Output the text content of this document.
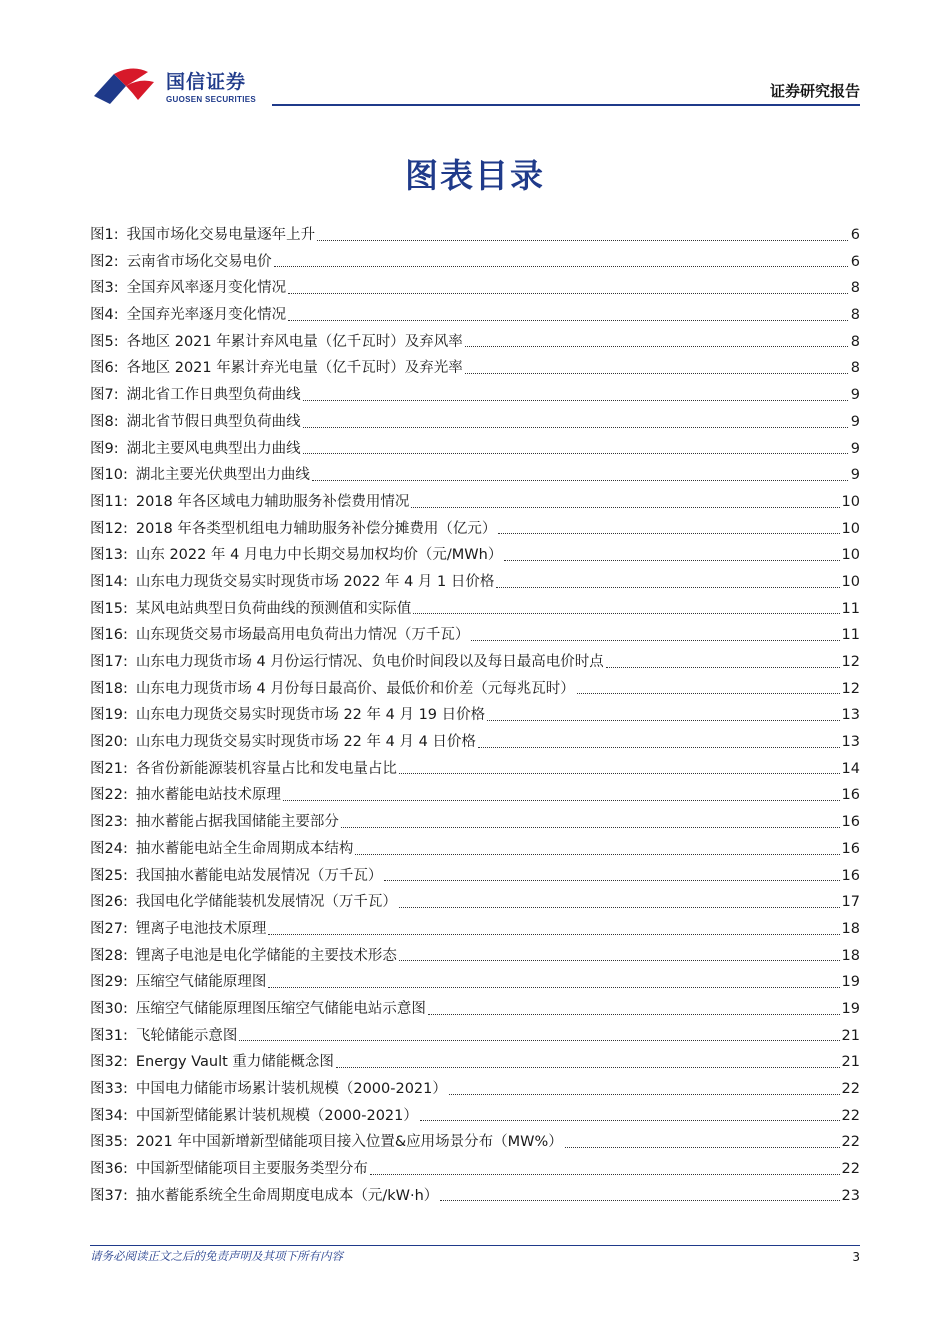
国信证券
GUOSEN SECURITIES	证券研究报告
图表目录
图1: 我国市场化交易电量逐年上升	6
图2: 云南省市场化交易电价	6
图3: 全国弃风率逐月变化情况	8
图4: 全国弃光率逐月变化情况	8
图5: 各地区 2021 年累计弃风电量（亿千瓦时）及弃风率	8
图6: 各地区 2021 年累计弃光电量（亿千瓦时）及弃光率	8
图7: 湖北省工作日典型负荷曲线	9
图8: 湖北省节假日典型负荷曲线	9
图9: 湖北主要风电典型出力曲线	9
图10: 湖北主要光伏典型出力曲线	9
图11: 2018 年各区域电力辅助服务补偿费用情况	10
图12: 2018 年各类型机组电力辅助服务补偿分摊费用（亿元）	10
图13: 山东 2022 年 4 月电力中长期交易加权均价（元/MWh）	10
图14: 山东电力现货交易实时现货市场 2022 年 4 月 1 日价格	10
图15: 某风电站典型日负荷曲线的预测值和实际值	11
图16: 山东现货交易市场最高用电负荷出力情况（万千瓦）	11
图17: 山东电力现货市场 4 月份运行情况、负电价时间段以及每日最高电价时点	12
图18: 山东电力现货市场 4 月份每日最高价、最低价和价差（元每兆瓦时）	12
图19: 山东电力现货交易实时现货市场 22 年 4 月 19 日价格	13
图20: 山东电力现货交易实时现货市场 22 年 4 月 4 日价格	13
图21: 各省份新能源装机容量占比和发电量占比	14
图22: 抽水蓄能电站技术原理	16
图23: 抽水蓄能占据我国储能主要部分	16
图24: 抽水蓄能电站全生命周期成本结构	16
图25: 我国抽水蓄能电站发展情况（万千瓦）	16
图26: 我国电化学储能装机发展情况（万千瓦）	17
图27: 锂离子电池技术原理	18
图28: 锂离子电池是电化学储能的主要技术形态	18
图29: 压缩空气储能原理图	19
图30: 压缩空气储能原理图压缩空气储能电站示意图	19
图31: 飞轮储能示意图	21
图32: Energy Vault 重力储能概念图	21
图33: 中国电力储能市场累计装机规模（2000-2021）	22
图34: 中国新型储能累计装机规模（2000-2021）	22
图35: 2021 年中国新增新型储能项目接入位置&应用场景分布（MW%）	22
图36: 中国新型储能项目主要服务类型分布	22
图37: 抽水蓄能系统全生命周期度电成本（元/kW·h）	23
请务必阅读正文之后的免责声明及其项下所有内容	3
